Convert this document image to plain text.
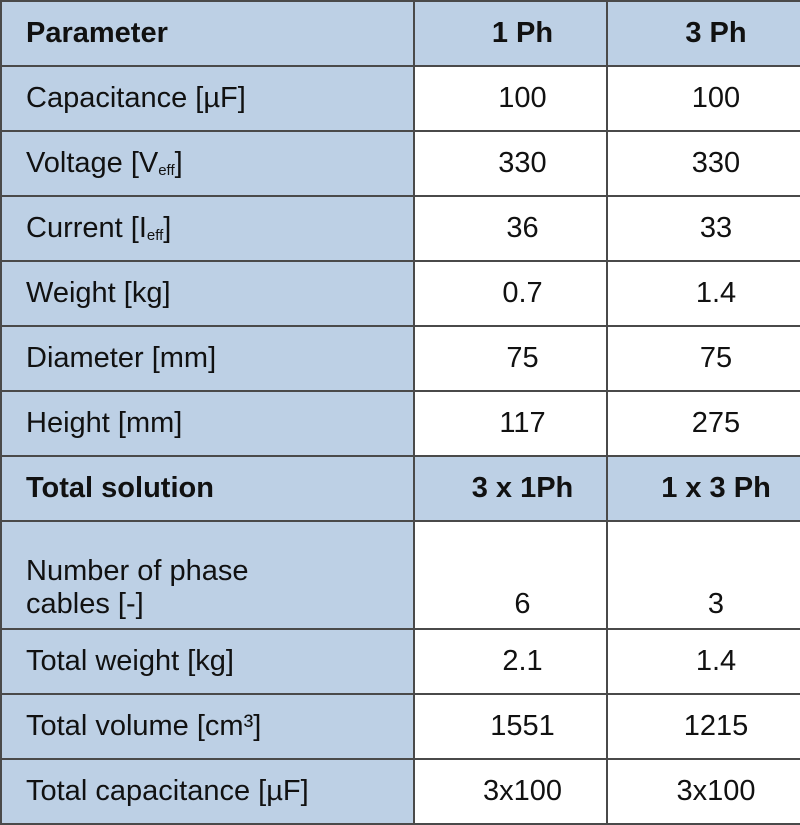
Parameter	1 Ph	3 Ph
Capacitance [µF]	100	100
Voltage $[V_{eff}]$	330	330
Current $[I_{eff}]$	36	33
Weight [kg]	0.7	1.4
Diameter [mm]	75	75
Height [mm]	117	275
Total solution	3 x 1Ph	1 x 3 Ph

Number of phase
cables [-]	6	3
Total weight [kg]	2.1	1.4
Total volume [cm³]	1551	1215
Total capacitance [µF]	3x100	3x100
